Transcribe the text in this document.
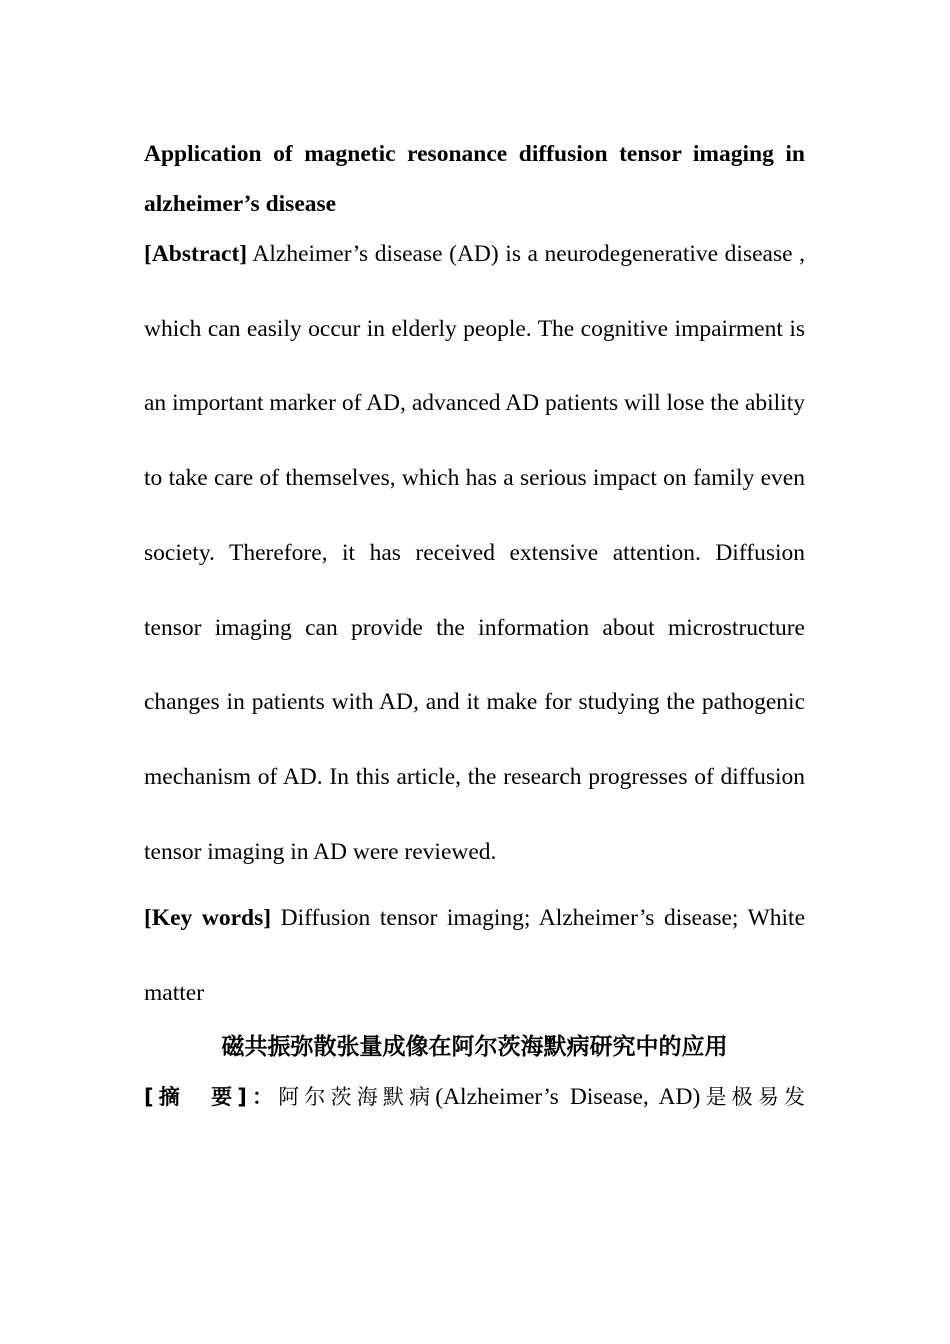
Application of magnetic resonance diffusion tensor imaging in alzheimer’s disease

[Abstract] Alzheimer’s disease (AD) is a neurodegenerative disease , which can easily occur in elderly people. The cognitive impairment is an important marker of AD, advanced AD patients will lose the ability to take care of themselves, which has a serious impact on family even society. Therefore, it has received extensive attention. Diffusion tensor imaging can provide the information about microstructure changes in patients with AD, and it make for studying the pathogenic mechanism of AD. In this article, the research progresses of diffusion tensor imaging in AD were reviewed.

[Key words] Diffusion tensor imaging; Alzheimer’s disease; White matter

磁共振弥散张量成像在阿尔茨海默病研究中的应用

[摘　要]：阿尔茨海默病(Alzheimer’s Disease, AD)是极易发
